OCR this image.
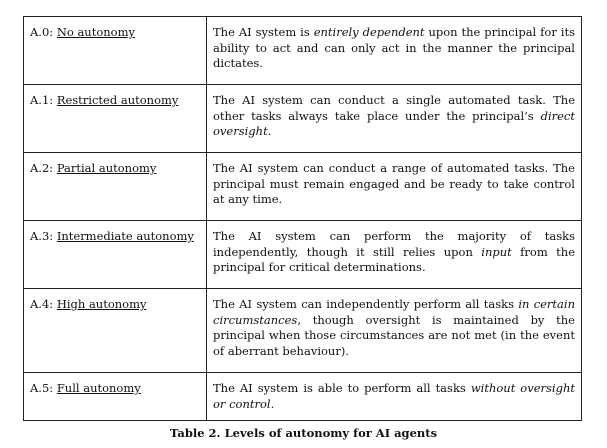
A.0: No autonomy	The AI system is entirely dependent upon the principal for its ability to act and can only act in the manner the principal dictates.
A.1: Restricted autonomy	The AI system can conduct a single automated task. The other tasks always take place under the principal’s direct oversight.
A.2: Partial autonomy	The AI system can conduct a range of automated tasks. The principal must remain engaged and be ready to take control at any time.
A.3: Intermediate autonomy	The AI system can perform the majority of tasks independently, though it still relies upon input from the principal for critical determinations.
A.4: High autonomy	The AI system can independently perform all tasks in certain circumstances, though oversight is maintained by the principal when those circumstances are not met (in the event of aberrant behaviour).
A.5: Full autonomy	The AI system is able to perform all tasks without oversight or control.
Table 2. Levels of autonomy for AI agents
